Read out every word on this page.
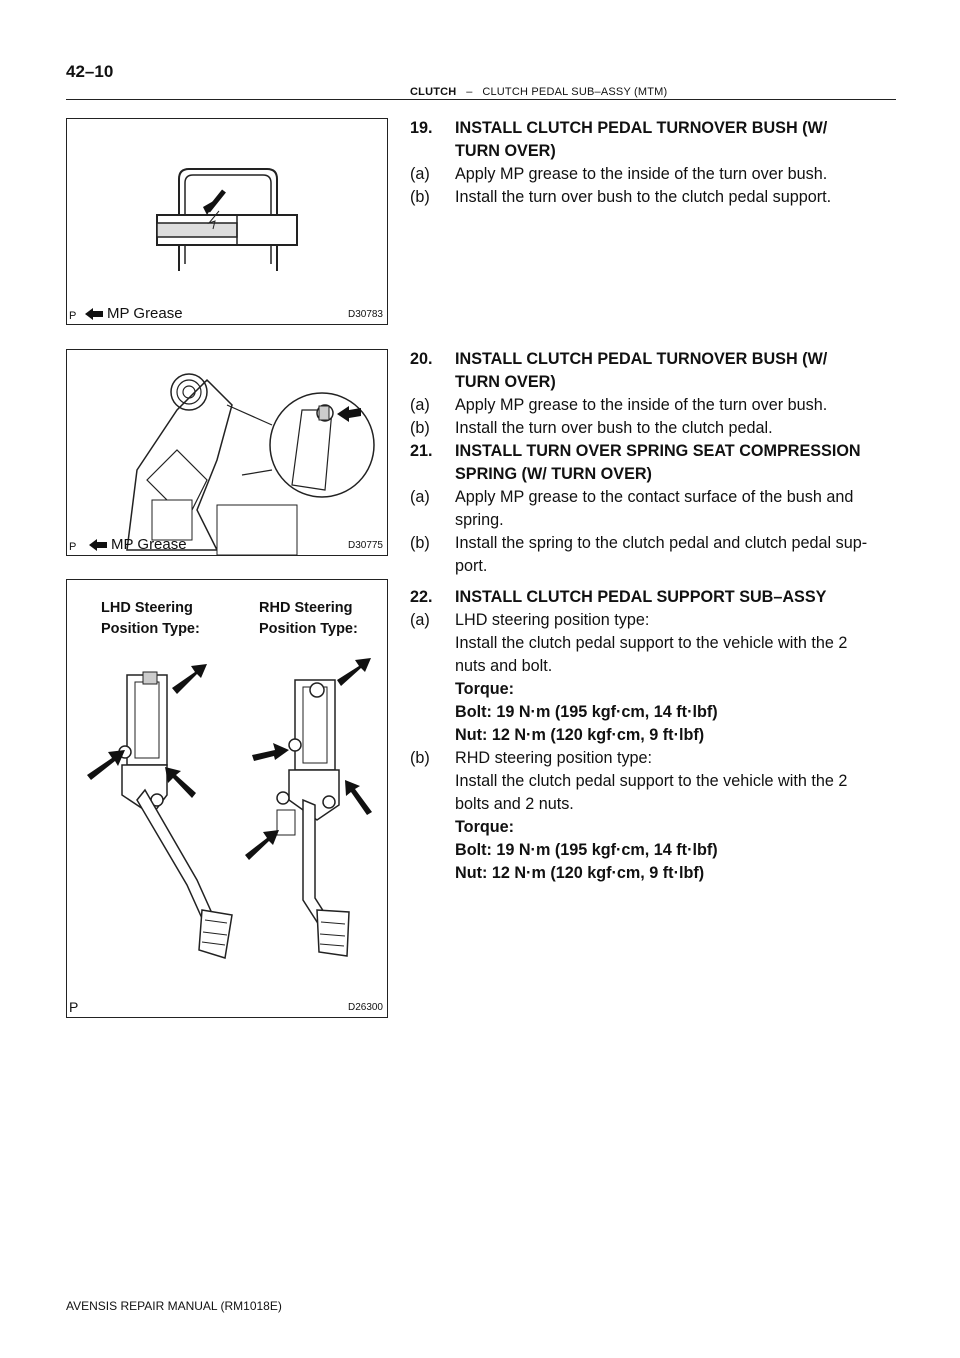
42–10
CLUTCH – CLUTCH PEDAL SUB–ASSY (MTM)
MP Grease
P	D30783
MP Grease
P	D30775
LHD Steering
Position Type:
RHD Steering
Position Type:
P	D26300
19.	INSTALL CLUTCH PEDAL TURNOVER BUSH (W/
TURN OVER)
(a)	Apply MP grease to the inside of the turn over bush.
(b)	Install the turn over bush to the clutch pedal support.
20.	INSTALL CLUTCH PEDAL TURNOVER BUSH (W/
TURN OVER)
(a)	Apply MP grease to the inside of the turn over bush.
(b)	Install the turn over bush to the clutch pedal.
21.	INSTALL TURN OVER SPRING SEAT COMPRESSION
SPRING (W/ TURN OVER)
(a)	Apply MP grease to the contact surface of the bush and
spring.
(b)	Install the spring to the clutch pedal and clutch pedal sup-
port.
22.	INSTALL CLUTCH PEDAL SUPPORT SUB–ASSY
(a)	LHD steering position type:
Install the clutch pedal support to the vehicle with the 2
nuts and bolt.
Torque:
Bolt: 19 N·m (195 kgf·cm, 14 ft·lbf)
Nut: 12 N·m (120 kgf·cm, 9 ft·lbf)
(b)	RHD steering position type:
Install the clutch pedal support to the vehicle with the 2
bolts and 2 nuts.
Torque:
Bolt: 19 N·m (195 kgf·cm, 14 ft·lbf)
Nut: 12 N·m (120 kgf·cm, 9 ft·lbf)
AVENSIS REPAIR MANUAL (RM1018E)
